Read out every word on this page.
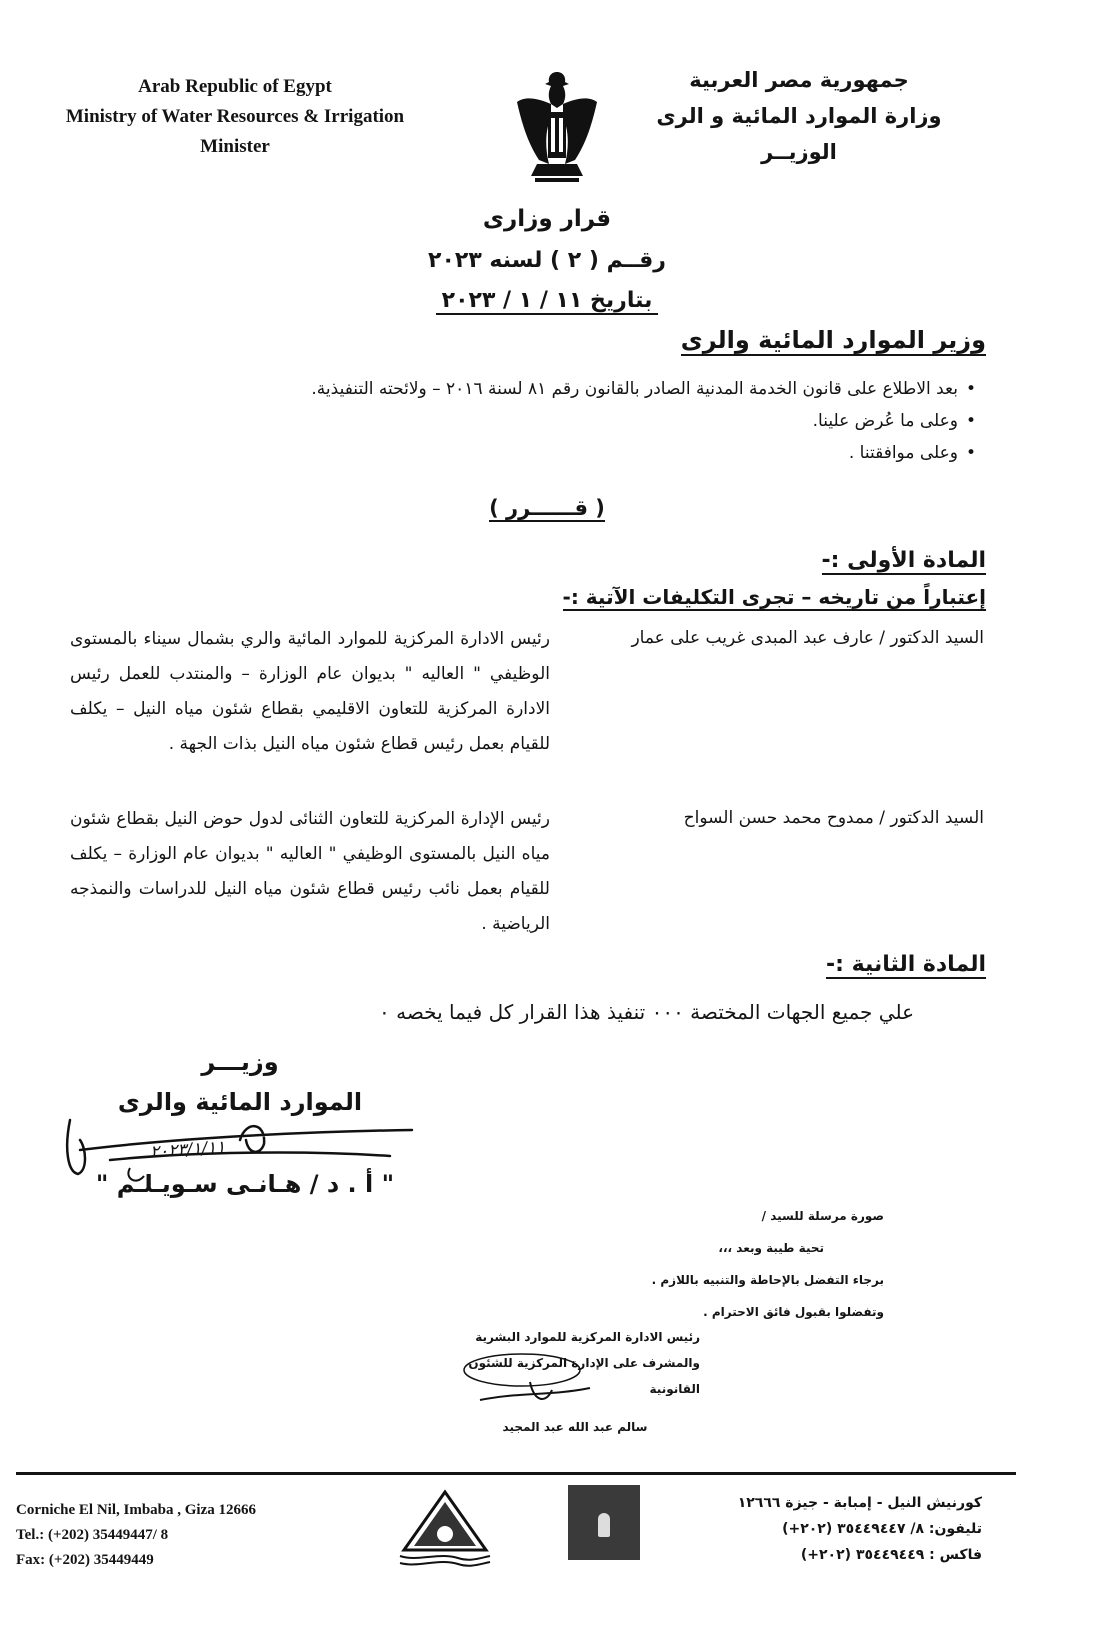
Arab Republic of Egypt
Ministry of Water Resources & Irrigation
Minister
جمهورية مصر العربية
وزارة الموارد المائية و الرى
الوزيــر
قرار وزارى
رقــم ( ٢ ) لسنه ٢٠٢٣
بتاريخ ١١ / ١ / ٢٠٢٣
وزير الموارد المائية والرى
• بعد الاطلاع على قانون الخدمة المدنية الصادر بالقانون رقم ٨١ لسنة ٢٠١٦ – ولائحته التنفيذية.
• وعلى ما عُرض علينا.
• وعلى موافقتنا .
( قــــــرر )
المادة الأولى :-
إعتباراً من تاريخه – تجرى التكليفات الآتية :-
السيد الدكتور / عارف عبد المبدى غريب على عمار
رئيس الادارة المركزية للموارد المائية والري بشمال سيناء بالمستوى الوظيفي " العاليه " بديوان عام الوزارة – والمنتدب للعمل رئيس الادارة المركزية للتعاون الاقليمي بقطاع شئون مياه النيل – يكلف للقيام بعمل رئيس قطاع شئون مياه النيل بذات الجهة .
السيد الدكتور / ممدوح محمد حسن السواح
رئيس الإدارة المركزية للتعاون الثنائى لدول حوض النيل بقطاع شئون مياه النيل بالمستوى الوظيفي " العاليه " بديوان عام الوزارة – يكلف للقيام بعمل نائب رئيس قطاع شئون مياه النيل للدراسات والنمذجه الرياضية .
المادة الثانية :-
علي جميع الجهات المختصة ٠٠٠ تنفيذ هذا القرار كل فيما يخصه ٠
وزيـــر
الموارد المائية والرى
٢٠٢٣/١/١١
" أ . د / هـانـى سـويـلـم "
صورة مرسلة للسيد /
تحية طيبة وبعد ،،،
برجاء التفضل بالإحاطة والتنبيه باللازم .
وتفضلوا بقبول فائق الاحترام .
رئيس الادارة المركزية للموارد البشرية
والمشرف على الإدارة المركزية للشئون القانونية
سالم عبد الله عبد المجيد
Corniche El Nil, Imbaba , Giza 12666
Tel.: (+202) 35449447/ 8
Fax: (+202) 35449449
كورنيش النيل - إمبابة - جيزة ١٢٦٦٦
تليفون: ٨/ ٣٥٤٤٩٤٤٧ (٢٠٢+)
فاكس : ٣٥٤٤٩٤٤٩ (٢٠٢+)
